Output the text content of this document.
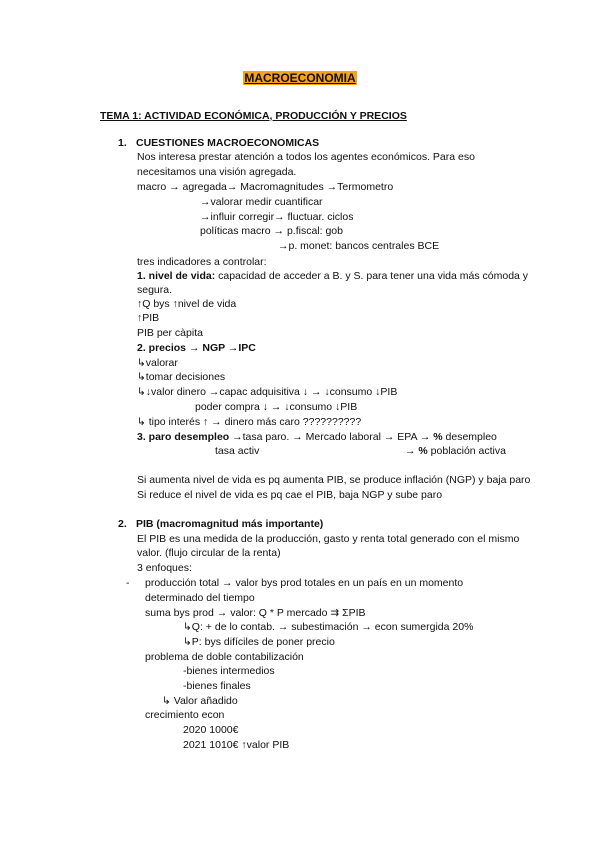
MACROECONOMIA
TEMA 1: ACTIVIDAD ECONÓMICA, PRODUCCIÓN Y PRECIOS
1. CUESTIONES MACROECONOMICAS
Nos interesa prestar atención a todos los agentes económicos. Para eso
necesitamos una visión agregada.
macro → agregada→ Macromagnitudes →Termometro
→valorar medir cuantificar
→influir corregir→ fluctuar. ciclos
políticas macro → p.fiscal: gob
→p. monet: bancos centrales BCE
tres indicadores a controlar:
1. nivel de vida: capacidad de acceder a B. y S. para tener una vida más cómoda y
segura.
↑Q bys ↑nivel de vida
↑PIB
PIB per càpita
2. precios → NGP →IPC
↳valorar
↳tomar decisiones
↳↓valor dinero →capac adquisitiva ↓ → ↓consumo ↓PIB
poder compra ↓ → ↓consumo ↓PIB
↳ tipo interés ↑ → dinero más caro ??????????
3. paro desempleo →tasa paro. → Mercado laboral → EPA → % desempleo
tasa activ	→ % población activa
Si aumenta nivel de vida es pq aumenta PIB, se produce inflación (NGP) y baja paro
Si reduce el nivel de vida es pq cae el PIB, baja NGP y sube paro
2. PIB (macromagnitud más importante)
El PIB es una medida de la producción, gasto y renta total generado con el mismo
valor. (flujo circular de la renta)
3 enfoques:
- producción total → valor bys prod totales en un país en un momento
determinado del tiempo
suma bys prod → valor: Q * P mercado ⇉ ΣPIB
↳Q: + de lo contab. → subestimación → econ sumergida 20%
↳P: bys difíciles de poner precio
problema de doble contabilización
-bienes intermedios
-bienes finales
↳ Valor añadido
crecimiento econ
2020 1000€
2021 1010€ ↑valor PIB
